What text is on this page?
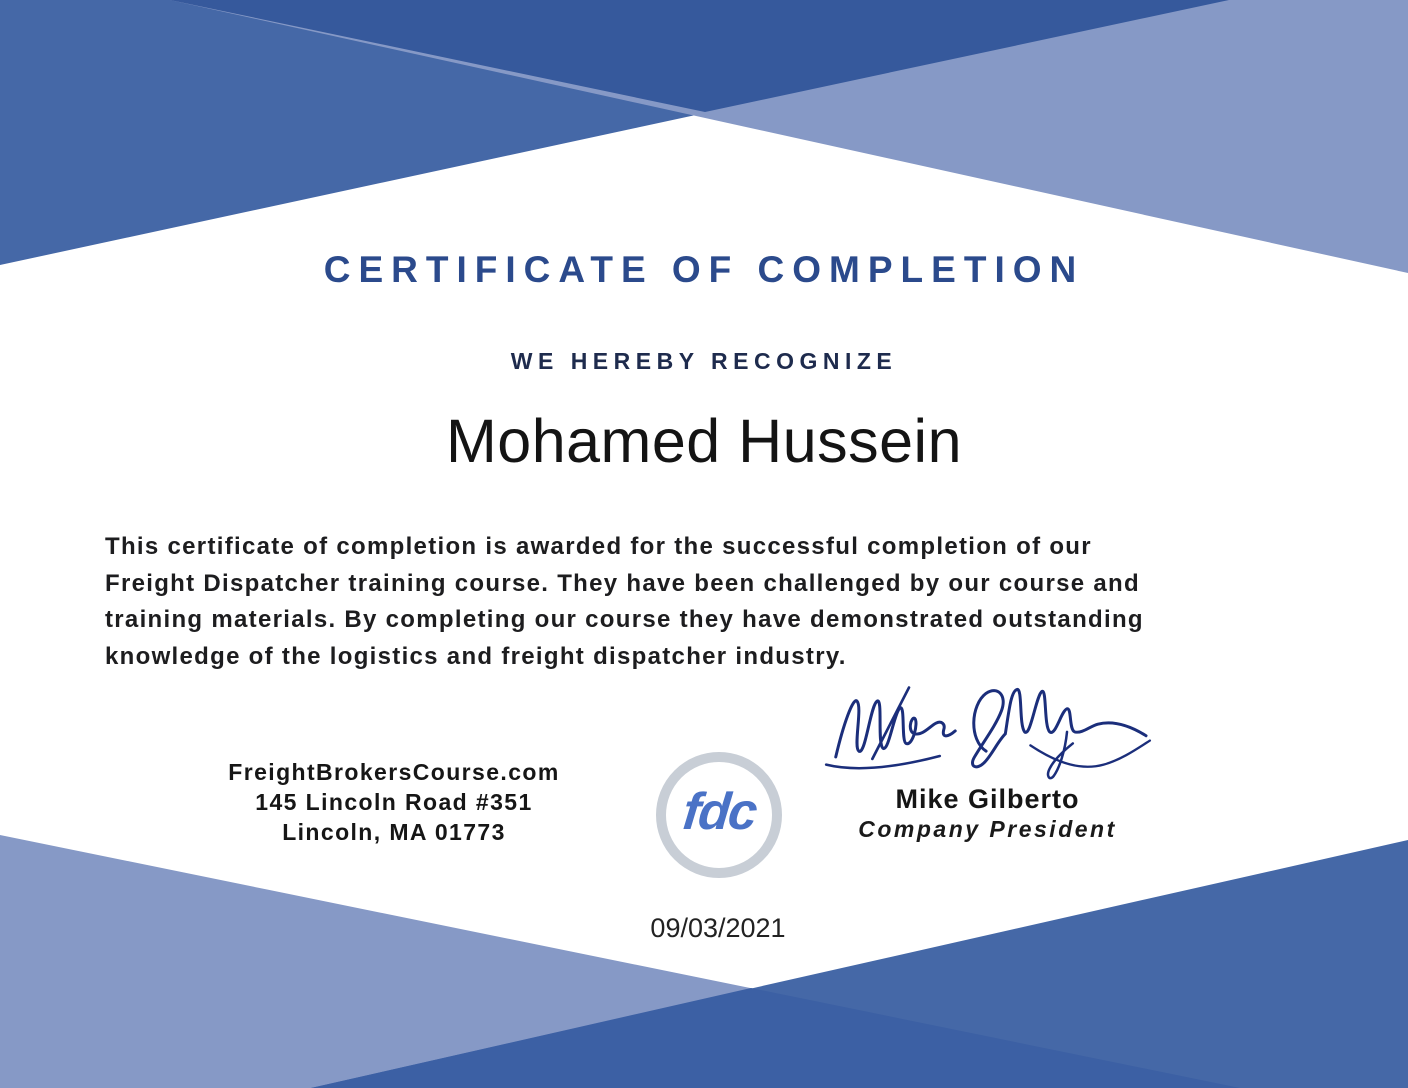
CERTIFICATE OF COMPLETION
WE HEREBY RECOGNIZE
Mohamed Hussein
This certificate of completion is awarded for the successful completion of our
Freight Dispatcher training course. They have been challenged by our course and
training materials. By completing our course they have demonstrated outstanding
knowledge of the logistics and freight dispatcher industry.
FreightBrokersCourse.com
145 Lincoln Road #351
Lincoln, MA 01773	fdc	Mike Gilberto
Company President
09/03/2021
